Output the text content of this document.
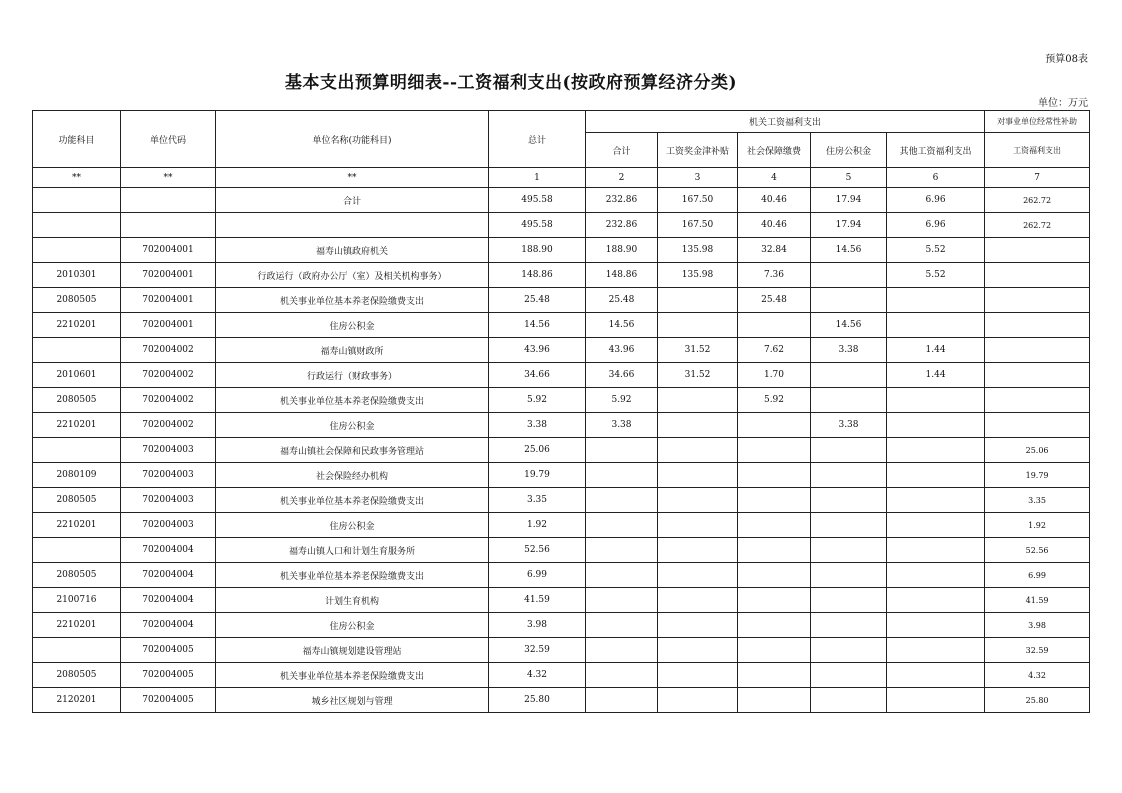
预算08表
基本支出预算明细表--工资福利支出(按政府预算经济分类)
单位：万元
功能科目	单位代码	单位名称(功能科目)	总计	机关工资福利支出					对事业单位经常性补助
				合计	工资奖金津补贴	社会保障缴费	住房公积金	其他工资福利支出	工资福利支出
**	**	**	1	2	3	4	5	6	7
		合计	495.58	232.86	167.50	40.46	17.94	6.96	262.72
			495.58	232.86	167.50	40.46	17.94	6.96	262.72
	702004001	福寿山镇政府机关	188.90	188.90	135.98	32.84	14.56	5.52	
2010301	702004001	行政运行（政府办公厅（室）及相关机构事务）	148.86	148.86	135.98	7.36		5.52	
2080505	702004001	机关事业单位基本养老保险缴费支出	25.48	25.48		25.48			
2210201	702004001	住房公积金	14.56	14.56			14.56		
	702004002	福寿山镇财政所	43.96	43.96	31.52	7.62	3.38	1.44	
2010601	702004002	行政运行（财政事务）	34.66	34.66	31.52	1.70		1.44	
2080505	702004002	机关事业单位基本养老保险缴费支出	5.92	5.92		5.92			
2210201	702004002	住房公积金	3.38	3.38			3.38		
	702004003	福寿山镇社会保障和民政事务管理站	25.06						25.06
2080109	702004003	社会保险经办机构	19.79						19.79
2080505	702004003	机关事业单位基本养老保险缴费支出	3.35						3.35
2210201	702004003	住房公积金	1.92						1.92
	702004004	福寿山镇人口和计划生育服务所	52.56						52.56
2080505	702004004	机关事业单位基本养老保险缴费支出	6.99						6.99
2100716	702004004	计划生育机构	41.59						41.59
2210201	702004004	住房公积金	3.98						3.98
	702004005	福寿山镇规划建设管理站	32.59						32.59
2080505	702004005	机关事业单位基本养老保险缴费支出	4.32						4.32
2120201	702004005	城乡社区规划与管理	25.80						25.80
